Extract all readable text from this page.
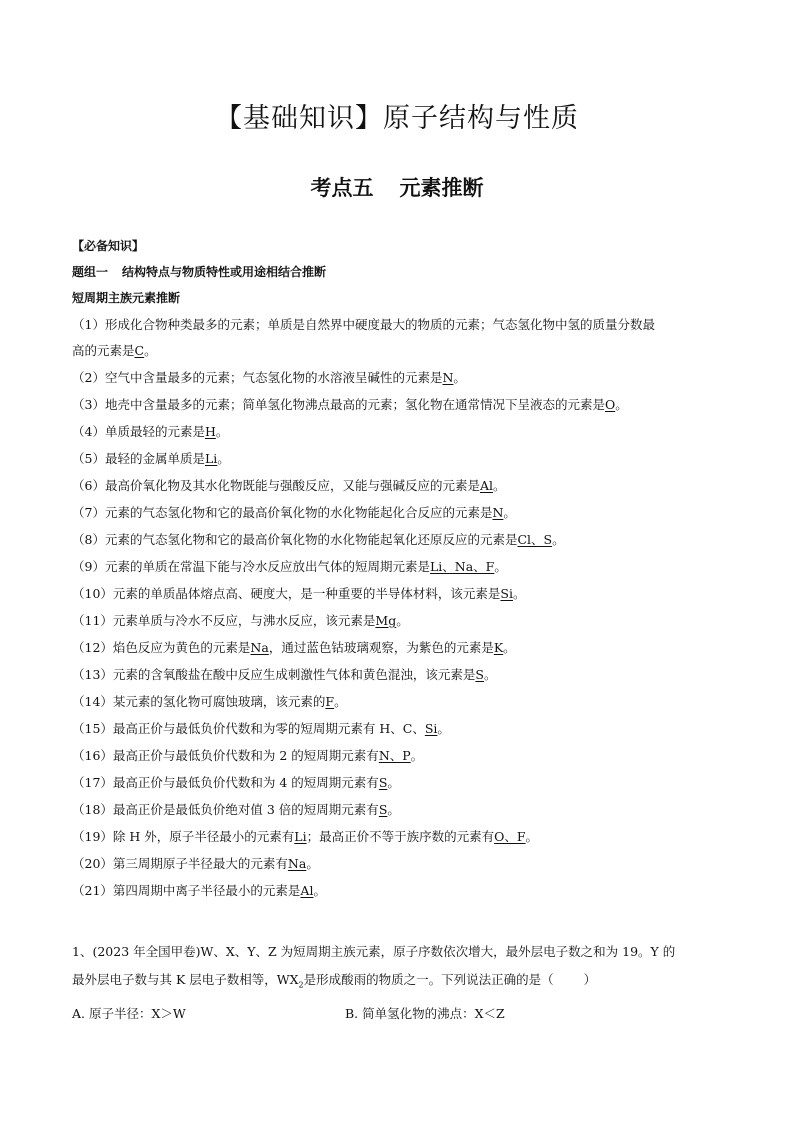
【基础知识】原子结构与性质
考点五 元素推断
【必备知识】
题组一 结构特点与物质特性或用途相结合推断
短周期主族元素推断

（1）形成化合物种类最多的元素；单质是自然界中硬度最大的物质的元素；气态氢化物中氢的质量分数最

高的元素是C。

（2）空气中含量最多的元素；气态氢化物的水溶液呈碱性的元素是N。

（3）地壳中含量最多的元素；简单氢化物沸点最高的元素；氢化物在通常情况下呈液态的元素是O。

（4）单质最轻的元素是H。

（5）最轻的金属单质是Li。

（6）最高价氧化物及其水化物既能与强酸反应，又能与强碱反应的元素是Al。

（7）元素的气态氢化物和它的最高价氧化物的水化物能起化合反应的元素是N。

（8）元素的气态氢化物和它的最高价氧化物的水化物能起氧化还原反应的元素是Cl、S。

（9）元素的单质在常温下能与冷水反应放出气体的短周期元素是Li、Na、F。

（10）元素的单质晶体熔点高、硬度大，是一种重要的半导体材料，该元素是Si。

（11）元素单质与冷水不反应，与沸水反应，该元素是Mg。

（12）焰色反应为黄色的元素是Na，通过蓝色钴玻璃观察，为紫色的元素是K。

（13）元素的含氧酸盐在酸中反应生成刺激性气体和黄色混浊，该元素是S。

（14）某元素的氢化物可腐蚀玻璃，该元素的F。

（15）最高正价与最低负价代数和为零的短周期元素有 H、C、Si。

（16）最高正价与最低负价代数和为 2 的短周期元素有N、P。

（17）最高正价与最低负价代数和为 4 的短周期元素有S。

（18）最高正价是最低负价绝对值 3 倍的短周期元素有S。

（19）除 H 外，原子半径最小的元素有Li；最高正价不等于族序数的元素有O、F。

（20）第三周期原子半径最大的元素有Na。

（21）第四周期中离子半径最小的元素是Al。

1、(2023 年全国甲卷)W、X、Y、Z 为短周期主族元素，原子序数依次增大，最外层电子数之和为 19。Y 的

最外层电子数与其 K 层电子数相等，$WX_2$是形成酸雨的物质之一。下列说法正确的是（ ）

A. 原子半径：X＞W	B. 简单氢化物的沸点：X＜Z
